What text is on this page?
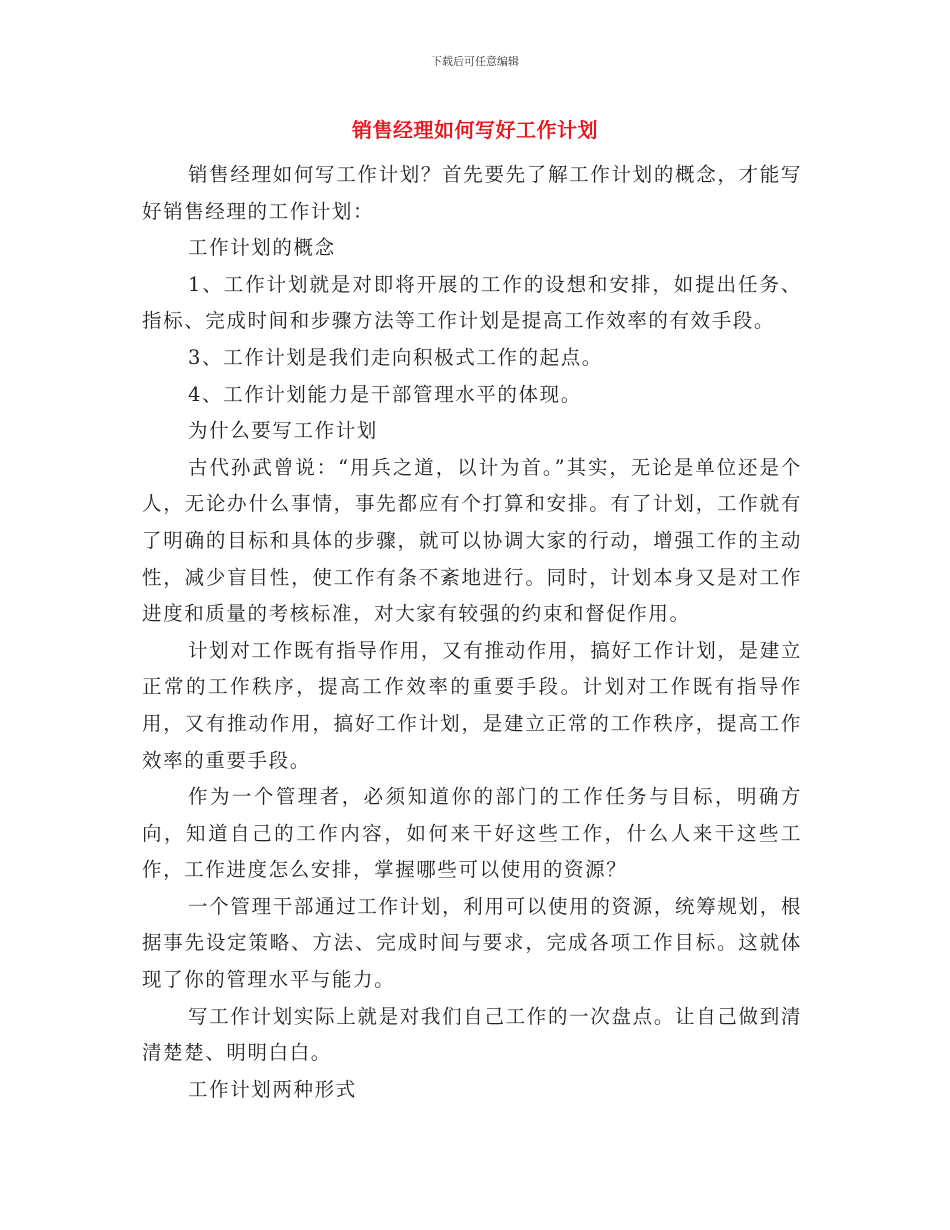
下载后可任意编辑
销售经理如何写好工作计划

销售经理如何写工作计划？首先要先了解工作计划的概念，才能写好销售经理的工作计划：

工作计划的概念

1、工作计划就是对即将开展的工作的设想和安排，如提出任务、指标、完成时间和步骤方法等工作计划是提高工作效率的有效手段。

3、工作计划是我们走向积极式工作的起点。

4、工作计划能力是干部管理水平的体现。

为什么要写工作计划

古代孙武曾说：“用兵之道，以计为首。”其实，无论是单位还是个人，无论办什么事情，事先都应有个打算和安排。有了计划，工作就有了明确的目标和具体的步骤，就可以协调大家的行动，增强工作的主动性，减少盲目性，使工作有条不紊地进行。同时，计划本身又是对工作进度和质量的考核标准，对大家有较强的约束和督促作用。

计划对工作既有指导作用，又有推动作用，搞好工作计划，是建立正常的工作秩序，提高工作效率的重要手段。计划对工作既有指导作用，又有推动作用，搞好工作计划，是建立正常的工作秩序，提高工作效率的重要手段。

作为一个管理者，必须知道你的部门的工作任务与目标，明确方向，知道自己的工作内容，如何来干好这些工作，什么人来干这些工作，工作进度怎么安排，掌握哪些可以使用的资源？

一个管理干部通过工作计划，利用可以使用的资源，统筹规划，根据事先设定策略、方法、完成时间与要求，完成各项工作目标。这就体现了你的管理水平与能力。

写工作计划实际上就是对我们自己工作的一次盘点。让自己做到清清楚楚、明明白白。

工作计划两种形式
